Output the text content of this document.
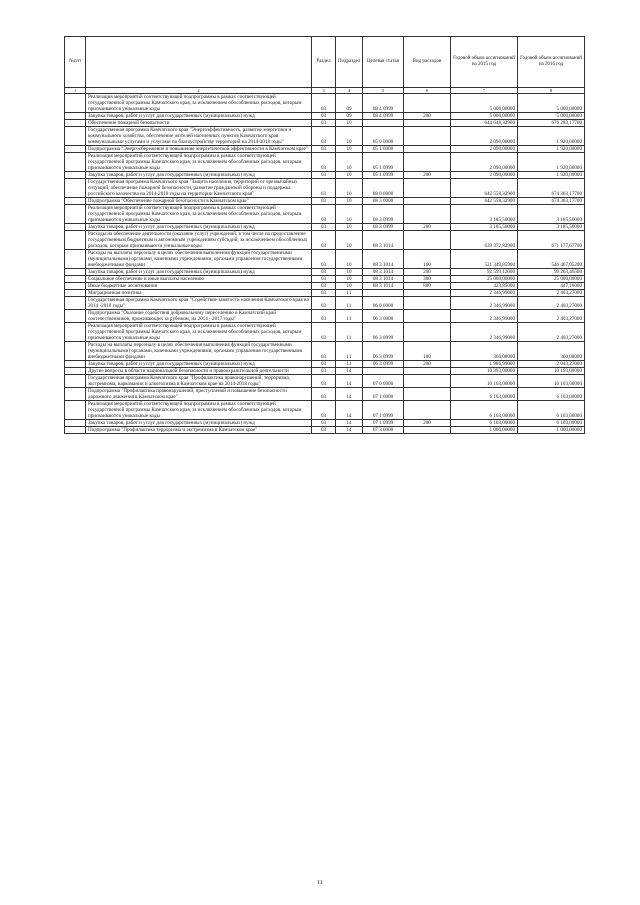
№п/п		Раздел	Подраздел	Целевая статья	Вид расходов	Годовой объем ассигнований на 2015 год	Годовой объем ассигнований на 2016 год
1	2	3	4	5	6	7	8
	Реализация мероприятий соответствующей подпрограммы в рамках соответствующей государственной программы Камчатского края, за исключением обособленных расходов, которым присваиваются уникальные коды	03	09	08 4 0999		5 000,00000	5 000,00000
	Закупка товаров, работ и услуг для государственных (муниципальных) нужд	03	09	08 4 0999	200	5 000,00000	5 000,00000
	Обеспечение пожарной безопасности	03	10			644 648,32900	676 283,17700
	Государственная программа Камчатского края "Энергоэффективность, развитие энергетики и коммунального хозяйства, обеспечение жителей населенных пунктов Камчатского края коммунальными услугами и услугами по благоустройству территорий на 2014-2018 годы"	03	10	05 0 0000		2 090,00000	1 920,00000
	Подпрограмма "Энергосбережение и повышение энергетической эффективности в Камчатском крае"	03	10	05 1 0000		2 090,00000	1 920,00000
	Реализация мероприятий соответствующей подпрограммы в рамках соответствующей государственной программы Камчатского края, за исключением обособленных расходов, которым присваиваются уникальные коды	03	10	05 1 0999		2 090,00000	1 920,00000
	Закупка товаров, работ и услуг для государственных (муниципальных) нужд	03	10	05 1 0999	200	2 090,00000	1 920,00000
	Государственная программа Камчатского края "Защита населения, территорий от чрезвычайных ситуаций, обеспечение пожарной безопасности, развитие гражданской обороны и поддержка российского казачества на 2014-2018 годы на территории Камчатского края"	03	10	08 0 0000		642 558,32900	674 363,17700
	Подпрограмма "Обеспечение пожарной безопасности в Камчатском крае"	03	10	08 3 0000		642 558,32900	674 363,17700
	Реализация мероприятий соответствующей подпрограммы в рамках соответствующей государственной программы Камчатского края, за исключением обособленных расходов, которым присваиваются уникальные коды	03	10	08 3 0999		3 185,50000	3 185,50000
	Закупка товаров, работ и услуг для государственных (муниципальных) нужд	03	10	08 3 0999	200	3 185,50000	3 185,50000
	Расходы на обеспечение деятельности (оказание услуг) учреждений, в том числе на предоставление государственным бюджетным и автономным учреждениям субсидий, за исключением обособленных расходов, которым присваиваются уникальные коды	03	10	08 3 1014		639 372,82900	671 177,67700
	Расходы на выплаты персоналу в целях обеспечения выполнения функций государственными (муниципальными) органами, казенными учреждениями, органами управления государственными внебюджетными фондами	03	10	08 3 1014	100	521 349,85900	546 467,05200
	Закупка товаров, работ и услуг для государственных (муниципальных) нужд	03	10	08 3 1014	200	92 599,12000	99 263,46500
	Социальное обеспечение и иные выплаты населению	03	10	08 3 1014	300	25 000,00000	25 000,00000
	Иные бюджетные ассигнования	03	10	08 3 1014	800	423,85000	447,16000
	Миграционная политика	03	11			2 346,99000	2 403,27000
	Государственная программа Камчатского края "Содействие занятости населения Камчатского края на 2014 -2018 годы"	03	11	06 0 0000		2 346,99000	2 403,27000
	Подпрограмма "Оказание содействия добровольному переселению в Камчатский край соотечественников, проживающих за рубежом, на 2014 - 2017 годы"	03	11	06 3 0000		2 346,99000	2 403,27000
	Реализация мероприятий соответствующей подпрограммы в рамках соответствующей государственной программы Камчатского края, за исключением обособленных расходов, которым присваиваются уникальные коды	03	11	06 3 0999		2 346,99000	2 403,27000
	Расходы на выплаты персоналу в целях обеспечения выполнения функций государственными (муниципальными) органами, казенными учреждениями, органами управления государственными внебюджетными фондами	03	11	06 3 0999	100	360,00000	360,00000
	Закупка товаров, работ и услуг для государственных (муниципальных) нужд	03	11	06 3 0999	200	1 986,99000	2 043,27000
	Другие вопросы в области национальной безопасности и правоохранительной деятельности	03	14			10 393,00000	10 193,00000
	Государственная программа Камчатского края "Профилактика правонарушений, терроризма, экстремизма, наркомании и алкоголизма в Камчатском крае на 2014-2018 годы"	03	14	07 0 0000		10 103,00000	10 103,00000
	Подпрограмма "Профилактика правонарушений, преступлений и повышение безопасности дорожного движения в Камчатском крае"	03	14	07 1 0000		6 103,00000	6 103,00000
	Реализация мероприятий соответствующей подпрограммы в рамках соответствующей государственной программы Камчатского края, за исключением обособленных расходов, которым присваиваются уникальные коды	03	14	07 1 0999		6 103,00000	6 103,00000
	Закупка товаров, работ и услуг для государственных (муниципальных) нужд	03	14	07 1 0999	200	6 103,00000	6 103,00000
	Подпрограмма "Профилактика терроризма и экстремизма в Камчатском крае"	03	14	07 3 0000		1 000,00000	1 000,00000
11
